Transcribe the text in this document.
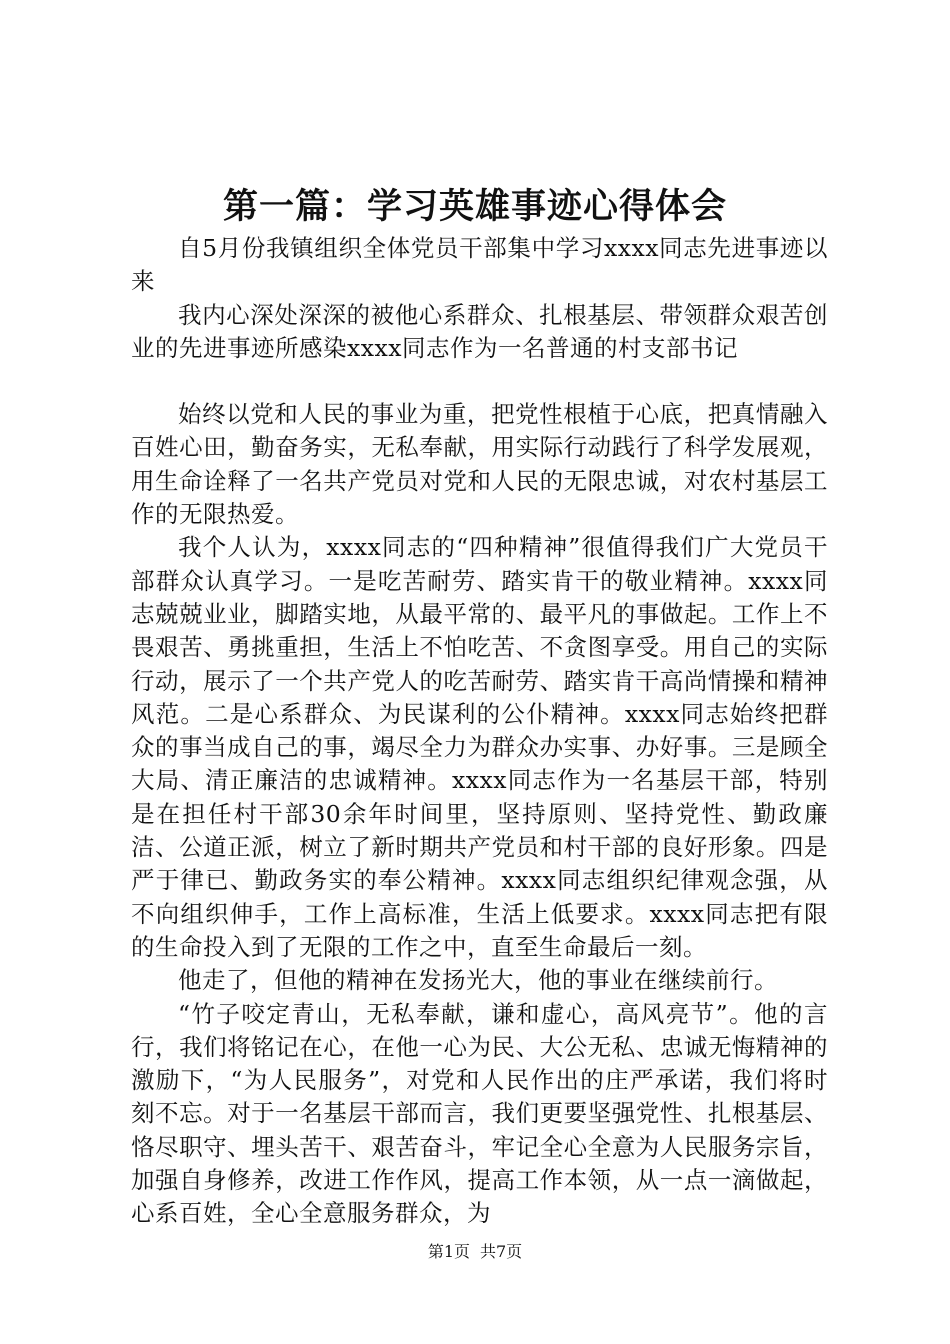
第一篇：学习英雄事迹心得体会

自5月份我镇组织全体党员干部集中学习xxxx同志先进事迹以来

我内心深处深深的被他心系群众、扎根基层、带领群众艰苦创业的先进事迹所感染xxxx同志作为一名普通的村支部书记

始终以党和人民的事业为重，把党性根植于心底，把真情融入百姓心田，勤奋务实，无私奉献，用实际行动践行了科学发展观，用生命诠释了一名共产党员对党和人民的无限忠诚，对农村基层工作的无限热爱。

我个人认为，xxxx同志的“四种精神”很值得我们广大党员干部群众认真学习。一是吃苦耐劳、踏实肯干的敬业精神。xxxx同志兢兢业业，脚踏实地，从最平常的、最平凡的事做起。工作上不畏艰苦、勇挑重担，生活上不怕吃苦、不贪图享受。用自己的实际行动，展示了一个共产党人的吃苦耐劳、踏实肯干高尚情操和精神风范。二是心系群众、为民谋利的公仆精神。xxxx同志始终把群众的事当成自己的事，竭尽全力为群众办实事、办好事。三是顾全大局、清正廉洁的忠诚精神。xxxx同志作为一名基层干部，特别是在担任村干部30余年时间里，坚持原则、坚持党性、勤政廉洁、公道正派，树立了新时期共产党员和村干部的良好形象。四是严于律已、勤政务实的奉公精神。xxxx同志组织纪律观念强，从不向组织伸手，工作上高标准，生活上低要求。xxxx同志把有限的生命投入到了无限的工作之中，直至生命最后一刻。

他走了，但他的精神在发扬光大，他的事业在继续前行。

“竹子咬定青山，无私奉献，谦和虚心，高风亮节”。他的言行，我们将铭记在心，在他一心为民、大公无私、忠诚无悔精神的激励下，“为人民服务”，对党和人民作出的庄严承诺，我们将时刻不忘。对于一名基层干部而言，我们更要坚强党性、扎根基层、恪尽职守、埋头苦干、艰苦奋斗，牢记全心全意为人民服务宗旨，加强自身修养，改进工作作风，提高工作本领，从一点一滴做起，心系百姓，全心全意服务群众，为

第1页 共7页
